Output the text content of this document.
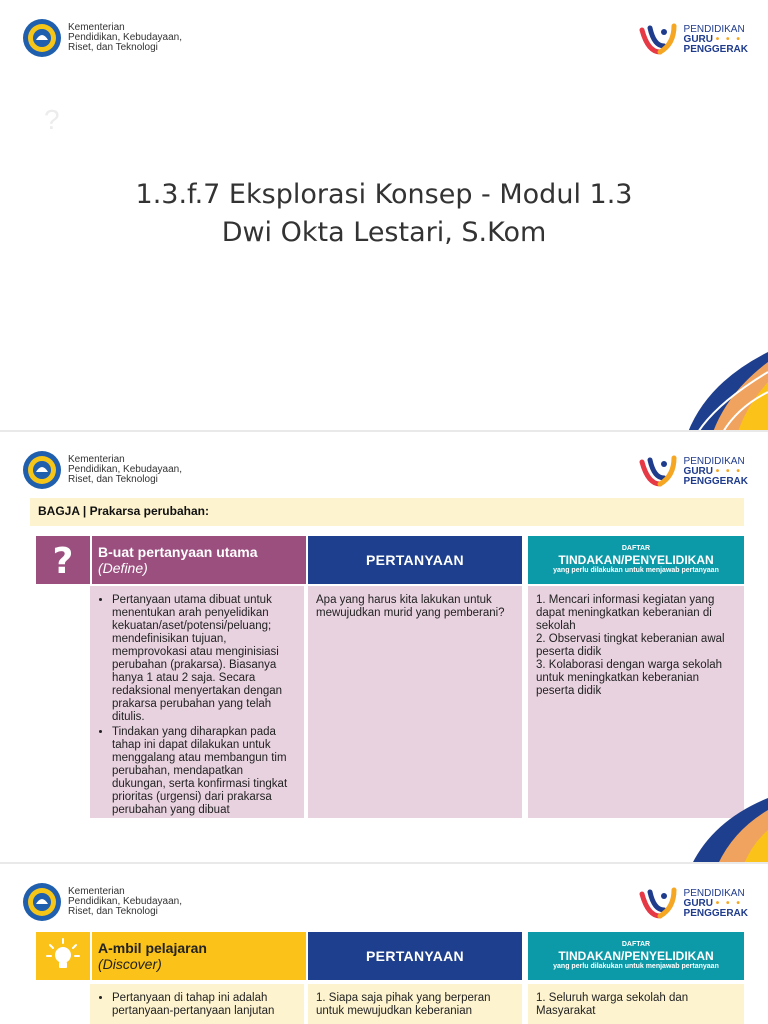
Kementerian
Pendidikan, Kebudayaan,
Riset, dan Teknologi
PENDIDIKAN
GURU • • •
PENGGERAK
?
1.3.f.7 Eksplorasi Konsep - Modul 1.3
Dwi Okta Lestari, S.Kom
Kementerian
Pendidikan, Kebudayaan,
Riset, dan Teknologi
PENDIDIKAN
GURU • • •
PENGGERAK
BAGJA | Prakarsa perubahan:
? B-uat pertanyaan utama
(Define)	PERTANYAAN
DAFTAR
TINDAKAN/PENYELIDIKAN
yang perlu dilakukan untuk menjawab pertanyaan
• Pertanyaan utama dibuat untuk menentukan arah penyelidikan kekuatan/aset/potensi/peluang; mendefinisikan tujuan, memprovokasi atau menginisiasi perubahan (prakarsa). Biasanya hanya 1 atau 2 saja. Secara redaksional menyertakan dengan prakarsa perubahan yang telah ditulis.
• Tindakan yang diharapkan pada tahap ini dapat dilakukan untuk menggalang atau membangun tim perubahan, mendapatkan dukungan, serta konfirmasi tingkat prioritas (urgensi) dari prakarsa perubahan yang dibuat

Apa yang harus kita lakukan untuk mewujudkan murid yang pemberani?

1. Mencari informasi kegiatan yang dapat meningkatkan keberanian di sekolah

2. Observasi tingkat keberanian awal peserta didik

3. Kolaborasi dengan warga sekolah untuk meningkatkan keberanian peserta didik

Kementerian
Pendidikan, Kebudayaan,
Riset, dan Teknologi
PENDIDIKAN
GURU • • •
PENGGERAK
A-mbil pelajaran
(Discover)	PERTANYAAN
DAFTAR
TINDAKAN/PENYELIDIKAN
yang perlu dilakukan untuk menjawab pertanyaan
• Pertanyaan di tahap ini adalah pertanyaan-pertanyaan lanjutan

1. Siapa saja pihak yang berperan untuk mewujudkan keberanian

1. Seluruh warga sekolah dan Masyarakat
